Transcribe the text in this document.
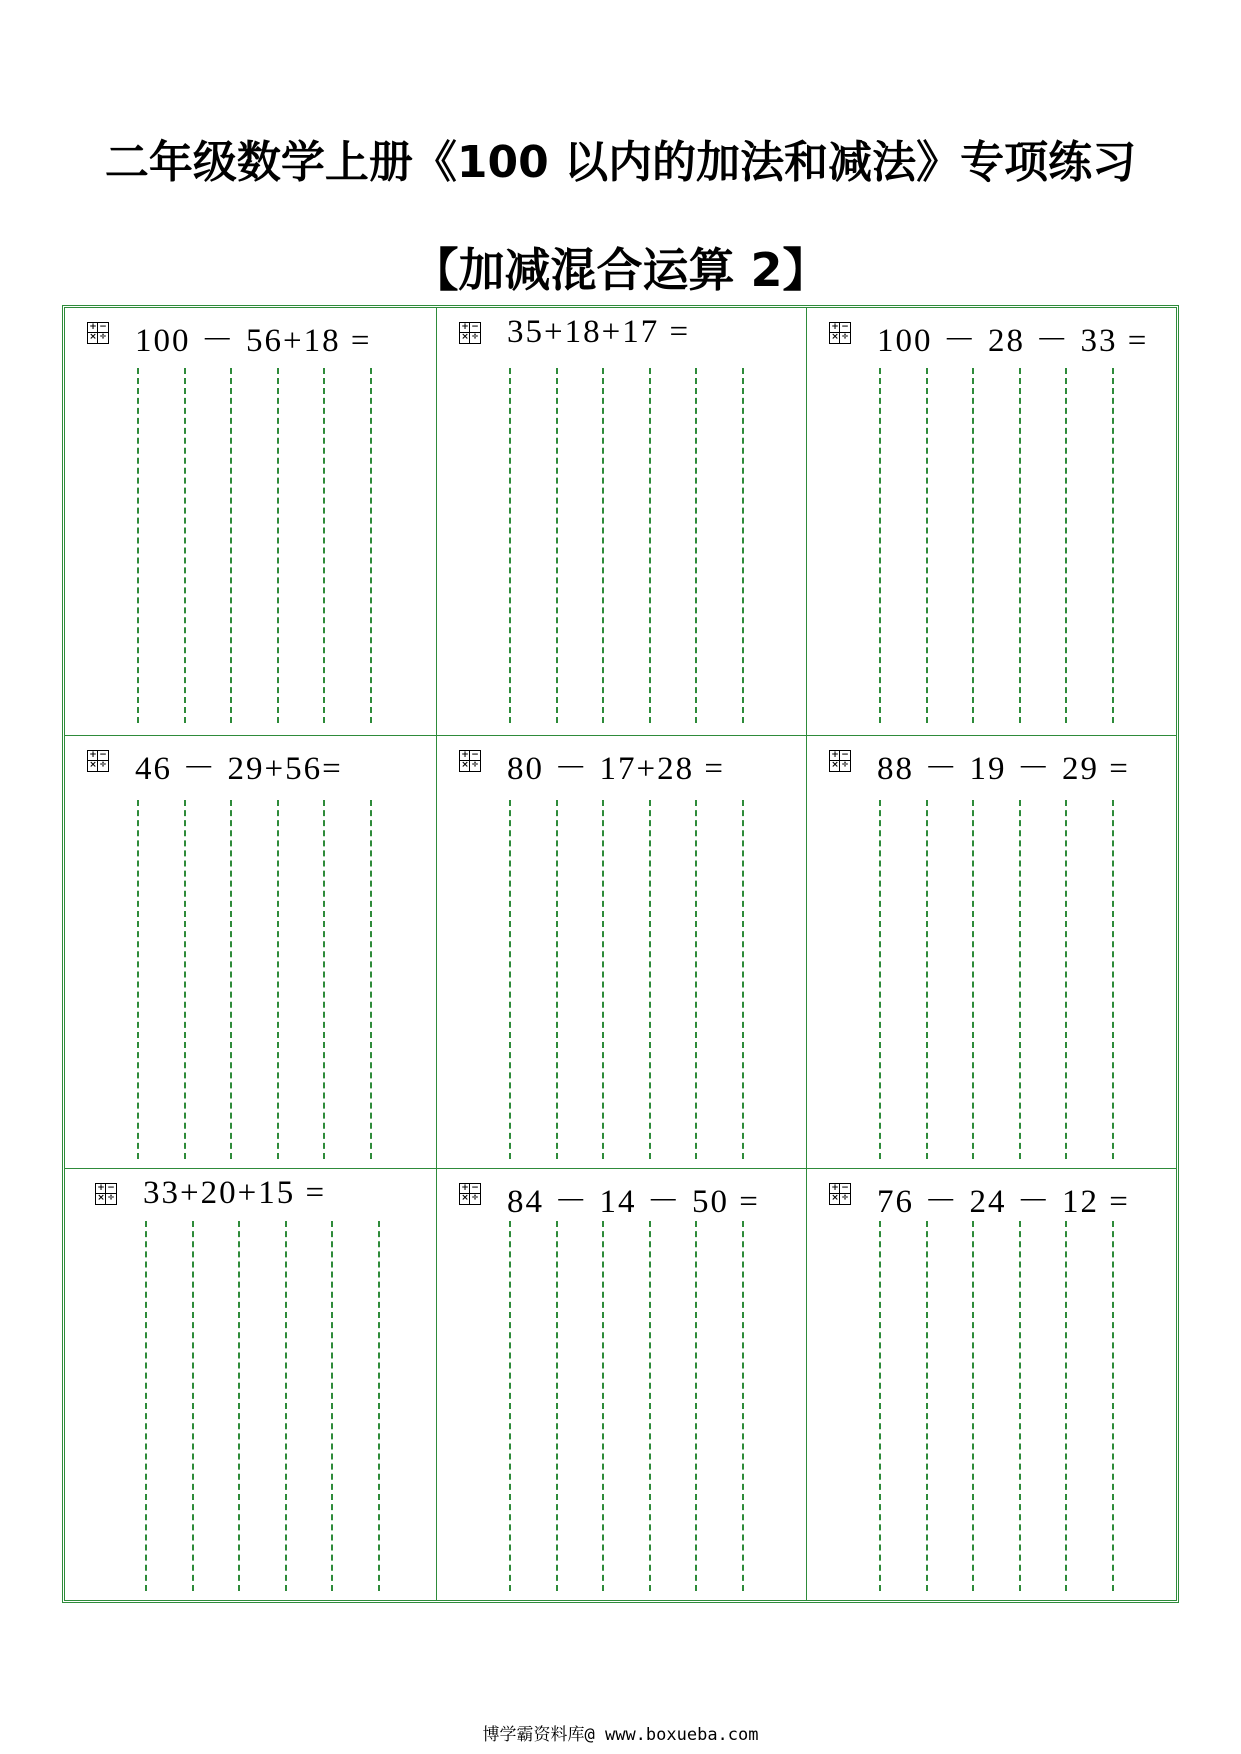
二年级数学上册《100 以内的加法和减法》专项练习
【加减混合运算 2】
+ −
× ÷ 100 － 56+18 =	+ −
× ÷ 35+18+17 =	+ −
× ÷ 100 － 28 － 33 =
+ −
× ÷ 46 － 29+56=	+ −
× ÷ 80 － 17+28 =	+ −
× ÷ 88 － 19 － 29 =
+ −
× ÷ 33+20+15 =	+ −
× ÷ 84 － 14 － 50 =	+ −
× ÷ 76 － 24 － 12 =
博学霸资料库@ www.boxueba.com
